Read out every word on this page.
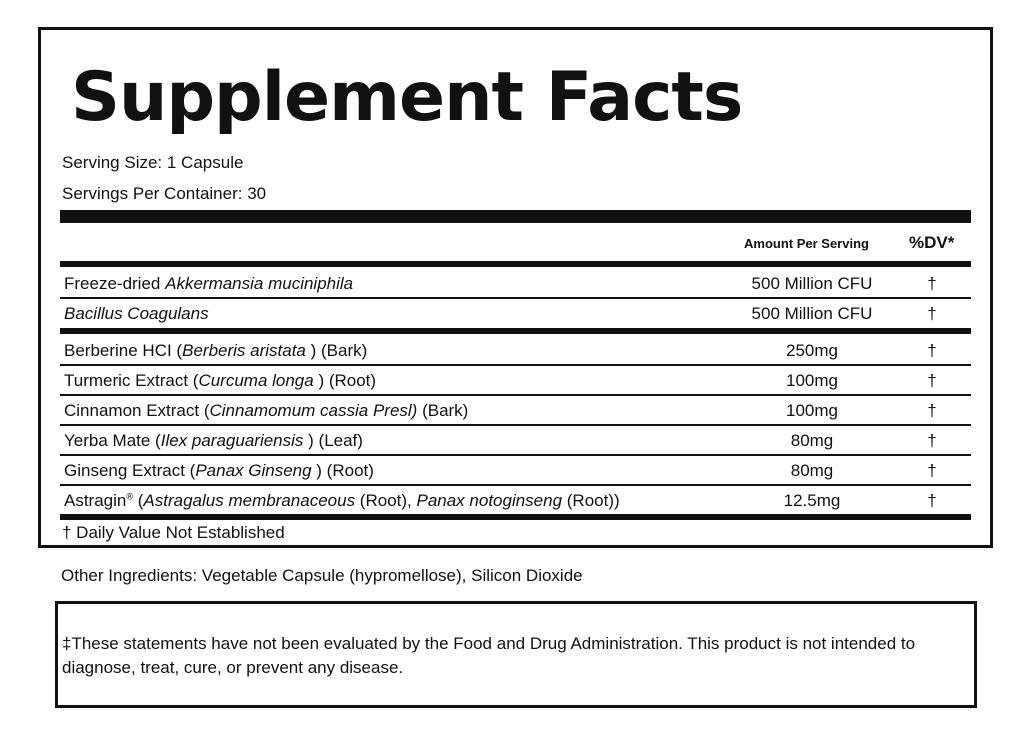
Supplement Facts
Serving Size: 1 Capsule
Servings Per Container: 30
Amount Per Serving %DV*
Freeze-dried Akkermansia muciniphila	500 Million CFU	†
Bacillus Coagulans	500 Million CFU	†
Berberine HCI (Berberis aristata ) (Bark)	250mg	†
Turmeric Extract (Curcuma longa ) (Root)	100mg	†
Cinnamon Extract (Cinnamomum cassia Presl) (Bark)	100mg	†
Yerba Mate (Ilex paraguariensis ) (Leaf)	80mg	†
Ginseng Extract (Panax Ginseng ) (Root)	80mg	†
Astragin® (Astragalus membranaceous (Root), Panax notoginseng (Root))	12.5mg	†
† Daily Value Not Established
Other Ingredients: Vegetable Capsule (hypromellose), Silicon Dioxide
‡These statements have not been evaluated by the Food and Drug Administration. This product is not intended to diagnose, treat, cure, or prevent any disease.
